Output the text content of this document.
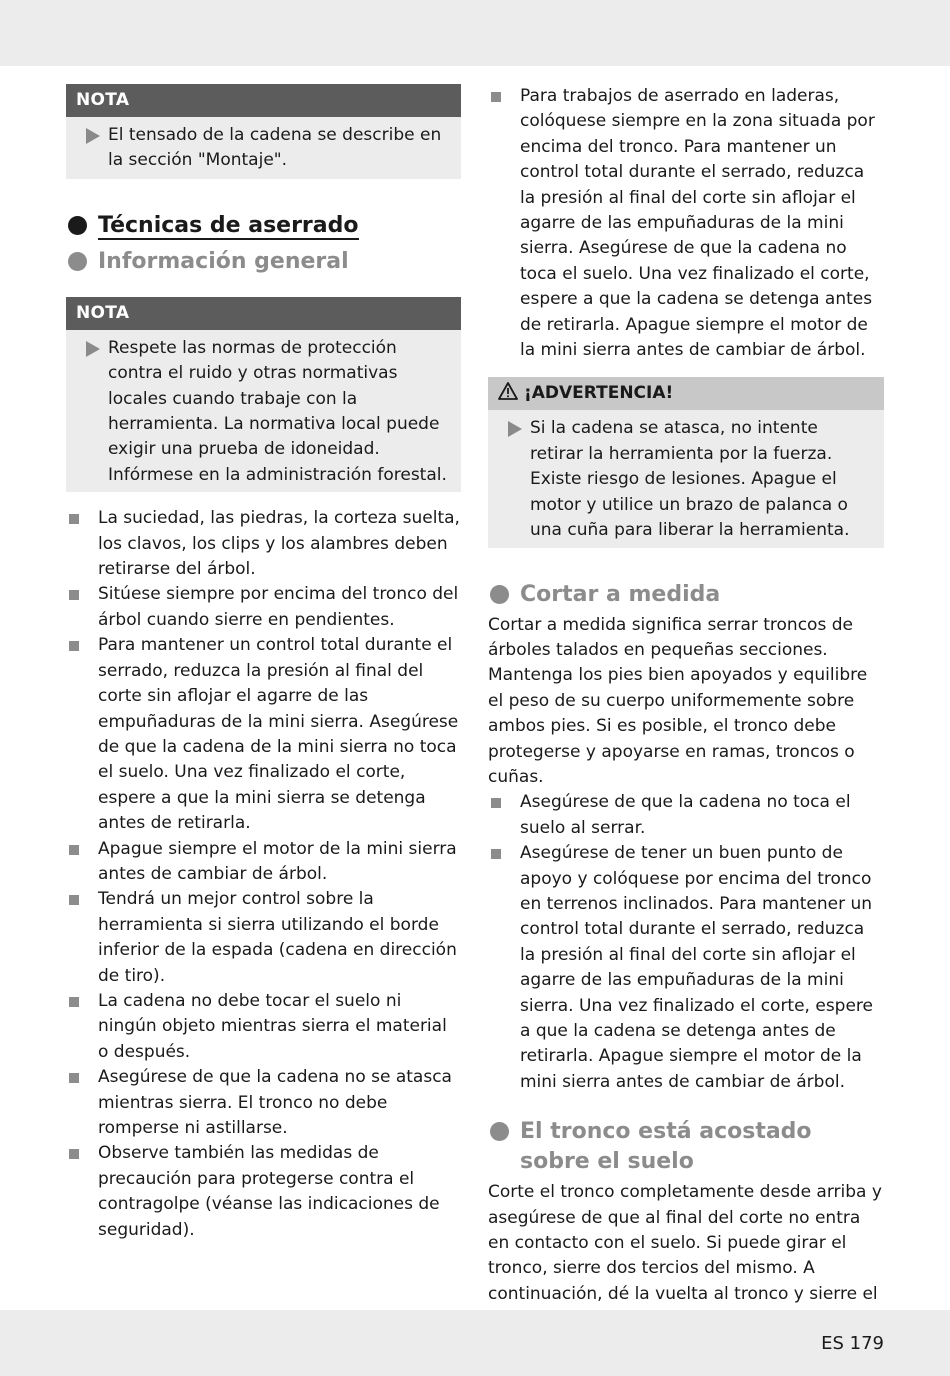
NOTA
El tensado de la cadena se describe en la sección "Montaje".
Técnicas de aserrado
Información general
NOTA
Respete las normas de protección contra el ruido y otras normativas locales cuando trabaje con la herramienta. La normativa local puede exigir una prueba de idoneidad. Infórmese en la administración forestal.
La suciedad, las piedras, la corteza suelta, los clavos, los clips y los alambres deben retirarse del árbol.
Sitúese siempre por encima del tronco del árbol cuando sierre en pendientes.
Para mantener un control total durante el serrado, reduzca la presión al final del corte sin aflojar el agarre de las empuñaduras de la mini sierra. Asegúrese de que la cadena de la mini sierra no toca el suelo. Una vez finalizado el corte, espere a que la mini sierra se detenga antes de retirarla.
Apague siempre el motor de la mini sierra antes de cambiar de árbol.
Tendrá un mejor control sobre la herramienta si sierra utilizando el borde inferior de la espada (cadena en dirección de tiro).
La cadena no debe tocar el suelo ni ningún objeto mientras sierra el material o después.
Asegúrese de que la cadena no se atasca mientras sierra. El tronco no debe romperse ni astillarse.
Observe también las medidas de precaución para protegerse contra el contragolpe (véanse las indicaciones de seguridad).
Para trabajos de aserrado en laderas, colóquese siempre en la zona situada por encima del tronco. Para mantener un control total durante el serrado, reduzca la presión al final del corte sin aflojar el agarre de las empuñaduras de la mini sierra. Asegúrese de que la cadena no toca el suelo. Una vez finalizado el corte, espere a que la cadena se detenga antes de retirarla. Apague siempre el motor de la mini sierra antes de cambiar de árbol.
¡ADVERTENCIA!
Si la cadena se atasca, no intente retirar la herramienta por la fuerza. Existe riesgo de lesiones. Apague el motor y utilice un brazo de palanca o una cuña para liberar la herramienta.
Cortar a medida

Cortar a medida significa serrar troncos de árboles talados en pequeñas secciones. Mantenga los pies bien apoyados y equilibre el peso de su cuerpo uniformemente sobre ambos pies. Si es posible, el tronco debe protegerse y apoyarse en ramas, troncos o cuñas.

Asegúrese de que la cadena no toca el suelo al serrar.
Asegúrese de tener un buen punto de apoyo y colóquese por encima del tronco en terrenos inclinados. Para mantener un control total durante el serrado, reduzca la presión al final del corte sin aflojar el agarre de las empuñaduras de la mini sierra. Una vez finalizado el corte, espere a que la cadena se detenga antes de retirarla. Apague siempre el motor de la mini sierra antes de cambiar de árbol.
El tronco está acostado sobre el suelo

Corte el tronco completamente desde arriba y asegúrese de que al final del corte no entra en contacto con el suelo. Si puede girar el tronco, sierre dos tercios del mismo. A continuación, dé la vuelta al tronco y sierre el

ES 179
